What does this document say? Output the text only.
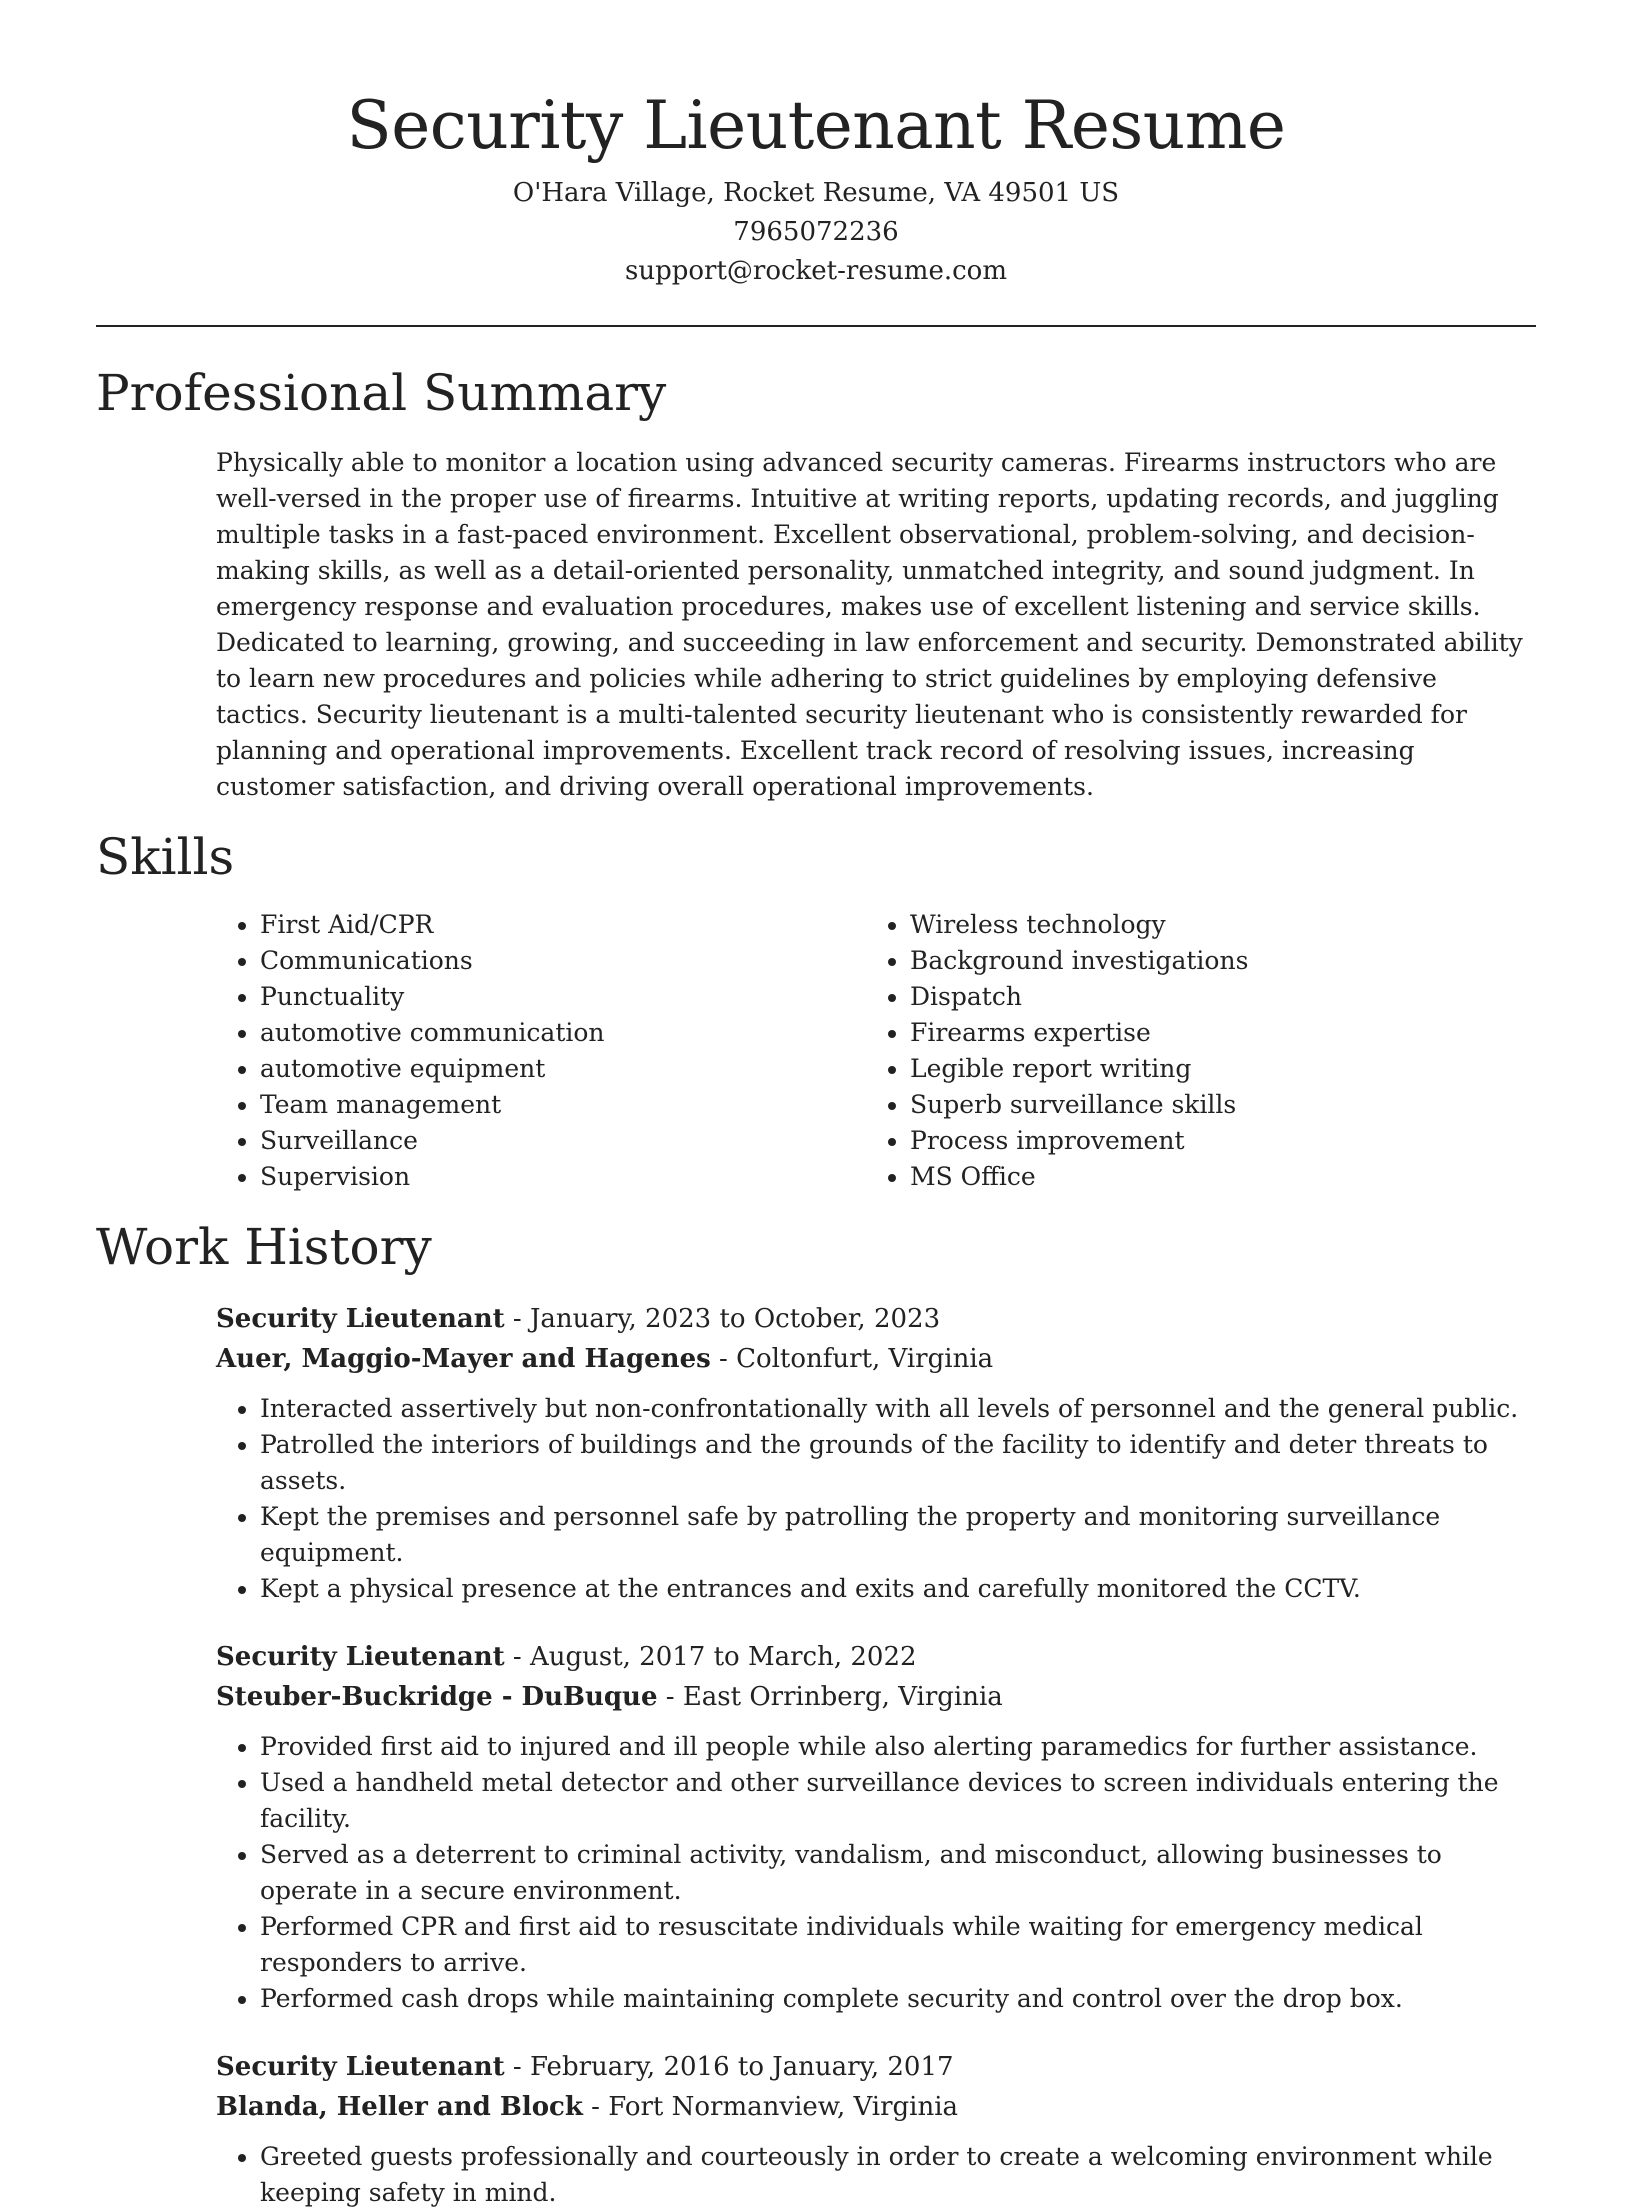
Security Lieutenant Resume
O'Hara Village, Rocket Resume, VA 49501 US
7965072236
support@rocket-resume.com
Professional Summary

Physically able to monitor a location using advanced security cameras. Firearms instructors who are well-versed in the proper use of firearms. Intuitive at writing reports, updating records, and juggling multiple tasks in a fast-paced environment. Excellent observational, problem-solving, and decision-making skills, as well as a detail-oriented personality, unmatched integrity, and sound judgment. In emergency response and evaluation procedures, makes use of excellent listening and service skills. Dedicated to learning, growing, and succeeding in law enforcement and security. Demonstrated ability to learn new procedures and policies while adhering to strict guidelines by employing defensive tactics. Security lieutenant is a multi-talented security lieutenant who is consistently rewarded for planning and operational improvements. Excellent track record of resolving issues, increasing customer satisfaction, and driving overall operational improvements.

Skills
• First Aid/CPR
• Communications
• Punctuality
• automotive communication
• automotive equipment
• Team management
• Surveillance
• Supervision
• Wireless technology
• Background investigations
• Dispatch
• Firearms expertise
• Legible report writing
• Superb surveillance skills
• Process improvement
• MS Office
Work History
Security Lieutenant - January, 2023 to October, 2023
Auer, Maggio-Mayer and Hagenes - Coltonfurt, Virginia
• Interacted assertively but non-confrontationally with all levels of personnel and the general public.
• Patrolled the interiors of buildings and the grounds of the facility to identify and deter threats to assets.
• Kept the premises and personnel safe by patrolling the property and monitoring surveillance equipment.
• Kept a physical presence at the entrances and exits and carefully monitored the CCTV.
Security Lieutenant - August, 2017 to March, 2022
Steuber-Buckridge - DuBuque - East Orrinberg, Virginia
• Provided first aid to injured and ill people while also alerting paramedics for further assistance.
• Used a handheld metal detector and other surveillance devices to screen individuals entering the facility.
• Served as a deterrent to criminal activity, vandalism, and misconduct, allowing businesses to operate in a secure environment.
• Performed CPR and first aid to resuscitate individuals while waiting for emergency medical responders to arrive.
• Performed cash drops while maintaining complete security and control over the drop box.
Security Lieutenant - February, 2016 to January, 2017
Blanda, Heller and Block - Fort Normanview, Virginia
• Greeted guests professionally and courteously in order to create a welcoming environment while keeping safety in mind.
